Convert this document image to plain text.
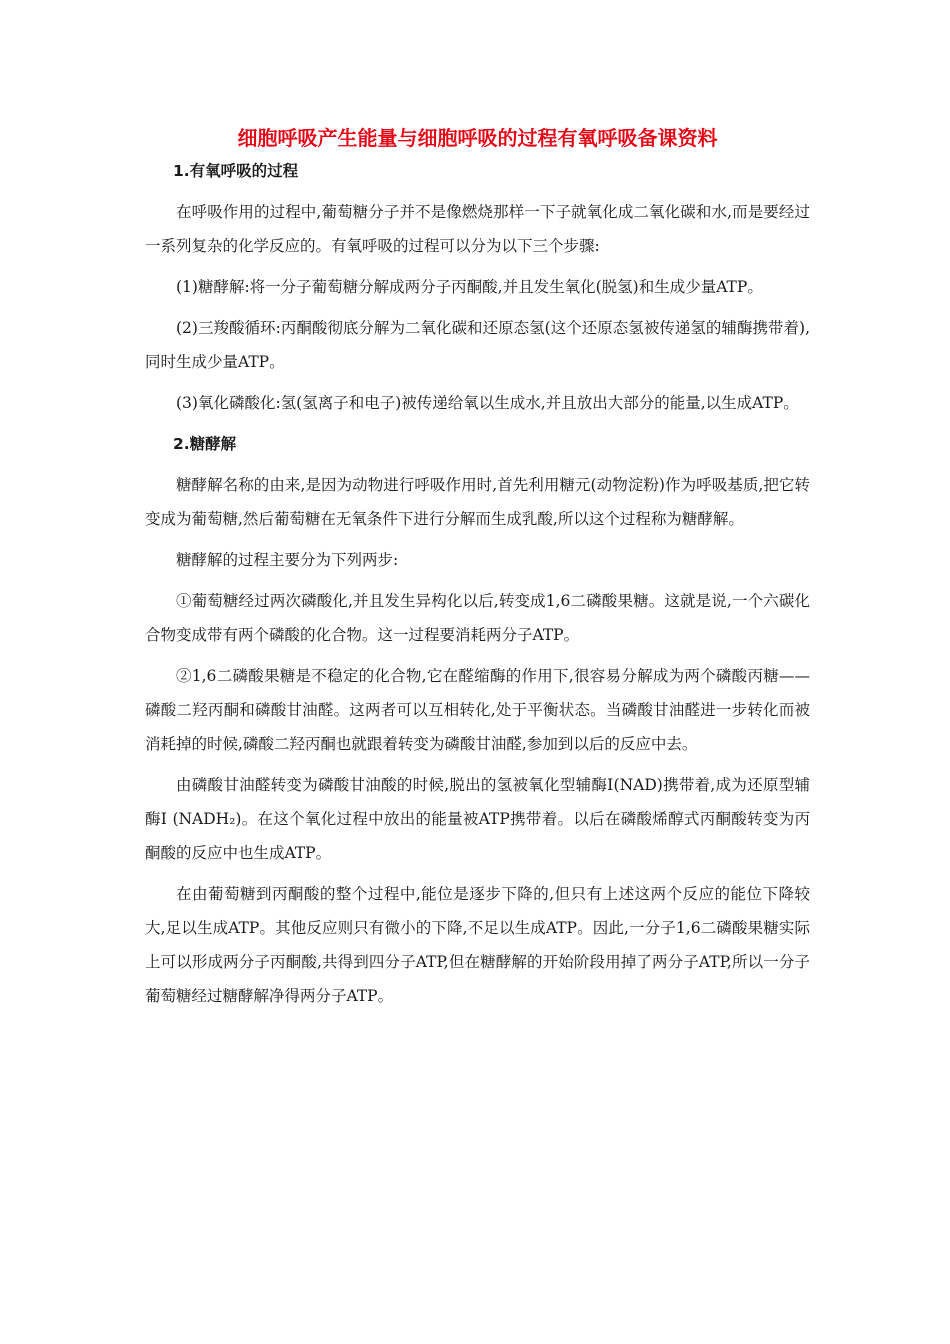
细胞呼吸产生能量与细胞呼吸的过程有氧呼吸备课资料

1.有氧呼吸的过程

在呼吸作用的过程中,葡萄糖分子并不是像燃烧那样一下子就氧化成二氧化碳和水,而是要经过一系列复杂的化学反应的。有氧呼吸的过程可以分为以下三个步骤:

(1)糖酵解:将一分子葡萄糖分解成两分子丙酮酸,并且发生氧化(脱氢)和生成少量ATP。

(2)三羧酸循环:丙酮酸彻底分解为二氧化碳和还原态氢(这个还原态氢被传递氢的辅酶携带着),同时生成少量ATP。

(3)氧化磷酸化:氢(氢离子和电子)被传递给氧以生成水,并且放出大部分的能量,以生成ATP。

2.糖酵解

糖酵解名称的由来,是因为动物进行呼吸作用时,首先利用糖元(动物淀粉)作为呼吸基质,把它转变成为葡萄糖,然后葡萄糖在无氧条件下进行分解而生成乳酸,所以这个过程称为糖酵解。

糖酵解的过程主要分为下列两步:

①葡萄糖经过两次磷酸化,并且发生异构化以后,转变成1,6二磷酸果糖。这就是说,一个六碳化合物变成带有两个磷酸的化合物。这一过程要消耗两分子ATP。

②1,6二磷酸果糖是不稳定的化合物,它在醛缩酶的作用下,很容易分解成为两个磷酸丙糖——磷酸二羟丙酮和磷酸甘油醛。这两者可以互相转化,处于平衡状态。当磷酸甘油醛进一步转化而被消耗掉的时候,磷酸二羟丙酮也就跟着转变为磷酸甘油醛,参加到以后的反应中去。

由磷酸甘油醛转变为磷酸甘油酸的时候,脱出的氢被氧化型辅酶Ⅰ(NAD)携带着,成为还原型辅酶Ⅰ (NADH₂)。在这个氧化过程中放出的能量被ATP携带着。以后在磷酸烯醇式丙酮酸转变为丙酮酸的反应中也生成ATP。

在由葡萄糖到丙酮酸的整个过程中,能位是逐步下降的,但只有上述这两个反应的能位下降较大,足以生成ATP。其他反应则只有微小的下降,不足以生成ATP。因此,一分子1,6二磷酸果糖实际上可以形成两分子丙酮酸,共得到四分子ATP,但在糖酵解的开始阶段用掉了两分子ATP,所以一分子葡萄糖经过糖酵解净得两分子ATP。
